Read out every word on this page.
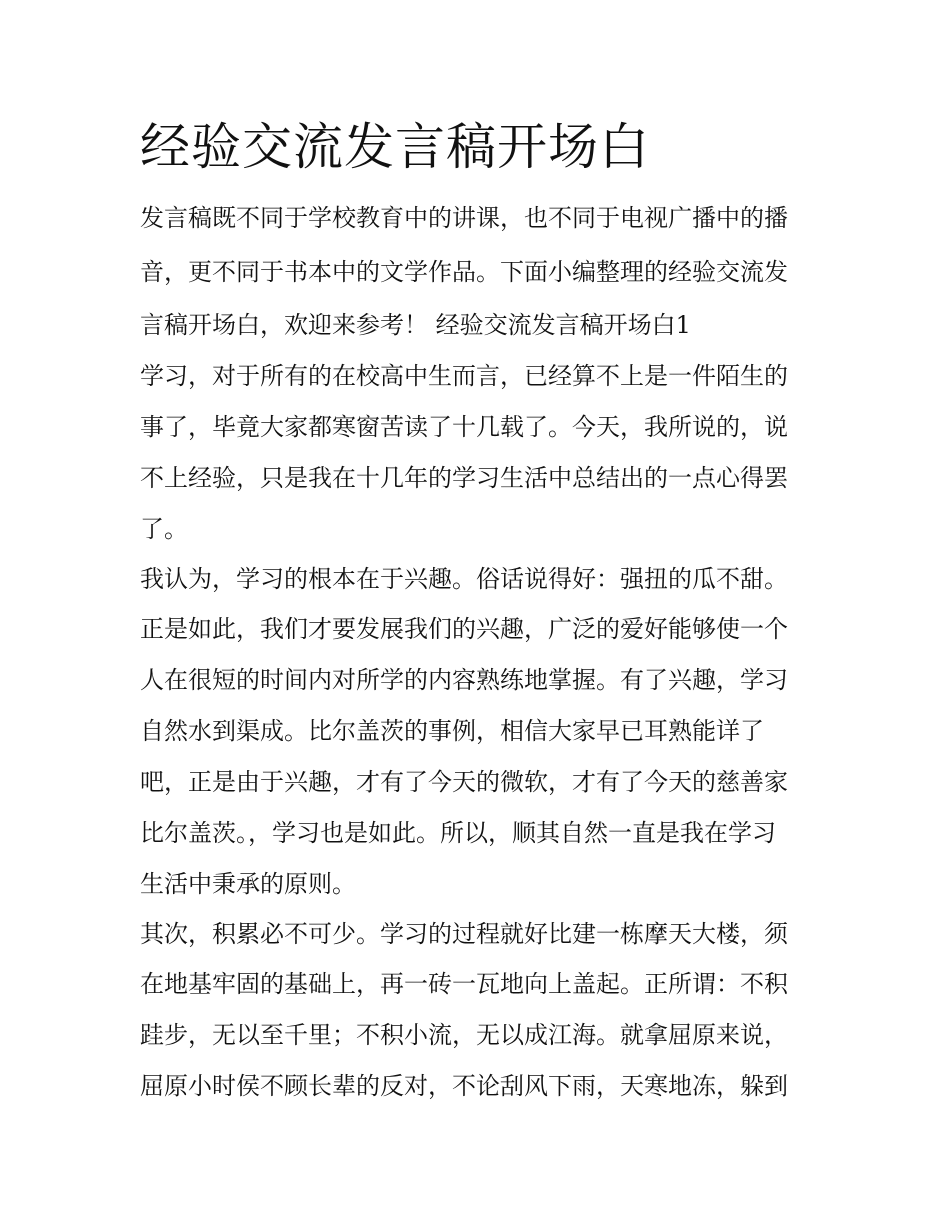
经验交流发言稿开场白

发言稿既不同于学校教育中的讲课，也不同于电视广播中的播

音，更不同于书本中的文学作品。下面小编整理的经验交流发

言稿开场白，欢迎来参考！ 经验交流发言稿开场白1

学习，对于所有的在校高中生而言，已经算不上是一件陌生的

事了，毕竟大家都寒窗苦读了十几载了。今天，我所说的，说

不上经验，只是我在十几年的学习生活中总结出的一点心得罢

了。

我认为，学习的根本在于兴趣。俗话说得好：强扭的瓜不甜。

正是如此，我们才要发展我们的兴趣，广泛的爱好能够使一个

人在很短的时间内对所学的内容熟练地掌握。有了兴趣，学习

自然水到渠成。比尔盖茨的事例，相信大家早已耳熟能详了

吧，正是由于兴趣，才有了今天的微软，才有了今天的慈善家

比尔盖茨。，学习也是如此。所以，顺其自然一直是我在学习

生活中秉承的原则。

其次，积累必不可少。学习的过程就好比建一栋摩天大楼，须

在地基牢固的基础上，再一砖一瓦地向上盖起。正所谓：不积

跬步，无以至千里；不积小流，无以成江海。就拿屈原来说，

屈原小时侯不顾长辈的反对，不论刮风下雨，天寒地冻，躲到
